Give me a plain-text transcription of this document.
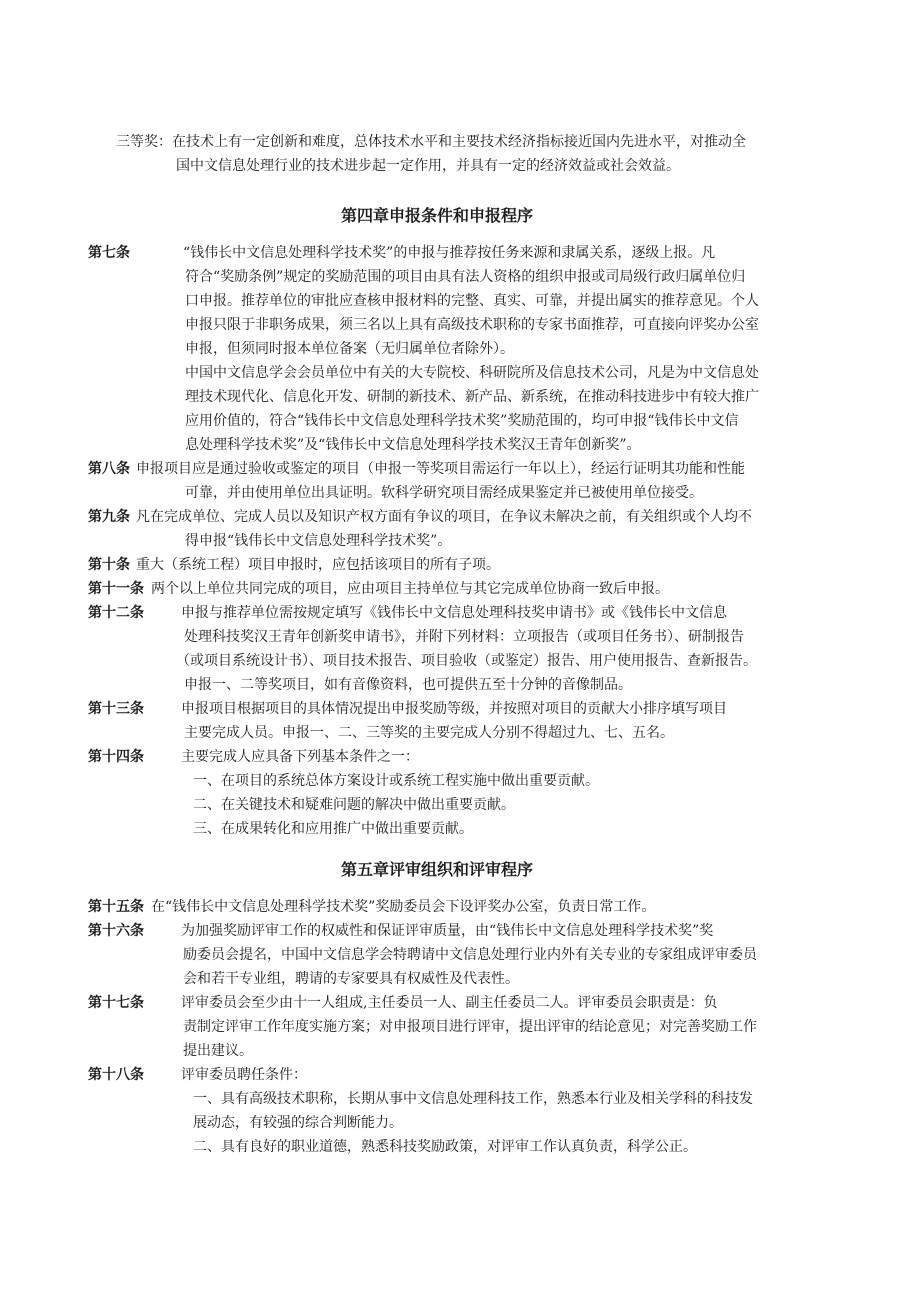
三等奖： 在技术上有一定创新和难度，总体技术水平和主要技术经济指标接近国内先进水平，对推动全
国中文信息处理行业的技术进步起一定作用，并具有一定的经济效益或社会效益。
第四章申报条件和申报程序
第七条	“钱伟长中文信息处理科学技术奖”的申报与推荐按任务来源和隶属关系，逐级上报。凡
符合“奖励条例”规定的奖励范围的项目由具有法人资格的组织申报或司局级行政归属单位归
口申报。推荐单位的审批应查核申报材料的完整、真实、可靠，并提出属实的推荐意见。个人
申报只限于非职务成果，须三名以上具有高级技术职称的专家书面推荐，可直接向评奖办公室
申报，但须同时报本单位备案（无归属单位者除外）。
中国中文信息学会会员单位中有关的大专院校、科研院所及信息技术公司，凡是为中文信息处
理技术现代化、信息化开发、研制的新技术、新产品、新系统，在推动科技进步中有较大推广
应用价值的，符合“钱伟长中文信息处理科学技术奖”奖励范围的，均可申报“钱伟长中文信
息处理科学技术奖”及“钱伟长中文信息处理科学技术奖汉王青年创新奖”。
第八条 申报项目应是通过验收或鉴定的项目（申报一等奖项目需运行一年以上），经运行证明其功能和性能
可靠，并由使用单位出具证明。软科学研究项目需经成果鉴定并已被使用单位接受。
第九条 凡在完成单位、完成人员以及知识产权方面有争议的项目，在争议未解决之前，有关组织或个人均不
得申报“钱伟长中文信息处理科学技术奖”。
第十条 重大（系统工程）项目申报时，应包括该项目的所有子项。
第十一条 两个以上单位共同完成的项目，应由项目主持单位与其它完成单位协商一致后申报。
第十二条	申报与推荐单位需按规定填写《钱伟长中文信息处理科技奖申请书》或《钱伟长中文信息
处理科技奖汉王青年创新奖申请书》，并附下列材料：立项报告（或项目任务书）、研制报告
（或项目系统设计书）、项目技术报告、项目验收（或鉴定）报告、用户使用报告、查新报告。
申报一、二等奖项目，如有音像资料，也可提供五至十分钟的音像制品。
第十三条	申报项目根据项目的具体情况提出申报奖励等级，并按照对项目的贡献大小排序填写项目
主要完成人员。申报一、二、三等奖的主要完成人分别不得超过九、七、五名。
第十四条	主要完成人应具备下列基本条件之一：
一、在项目的系统总体方案设计或系统工程实施中做出重要贡献。
二、在关键技术和疑难问题的解决中做出重要贡献。
三、在成果转化和应用推广中做出重要贡献。
第五章评审组织和评审程序
第十五条 在“钱伟长中文信息处理科学技术奖”奖励委员会下设评奖办公室，负责日常工作。
第十六条	为加强奖励评审工作的权威性和保证评审质量，由“钱伟长中文信息处理科学技术奖”奖
励委员会提名，中国中文信息学会特聘请中文信息处理行业内外有关专业的专家组成评审委员
会和若干专业组，聘请的专家要具有权威性及代表性。
第十七条	评审委员会至少由十一人组成,主任委员一人、副主任委员二人。评审委员会职责是：负
责制定评审工作年度实施方案；对申报项目进行评审，提出评审的结论意见；对完善奖励工作
提出建议。
第十八条	评审委员聘任条件：
一、具有高级技术职称，长期从事中文信息处理科技工作，熟悉本行业及相关学科的科技发
展动态，有较强的综合判断能力。
二、具有良好的职业道德，熟悉科技奖励政策，对评审工作认真负责，科学公正。
